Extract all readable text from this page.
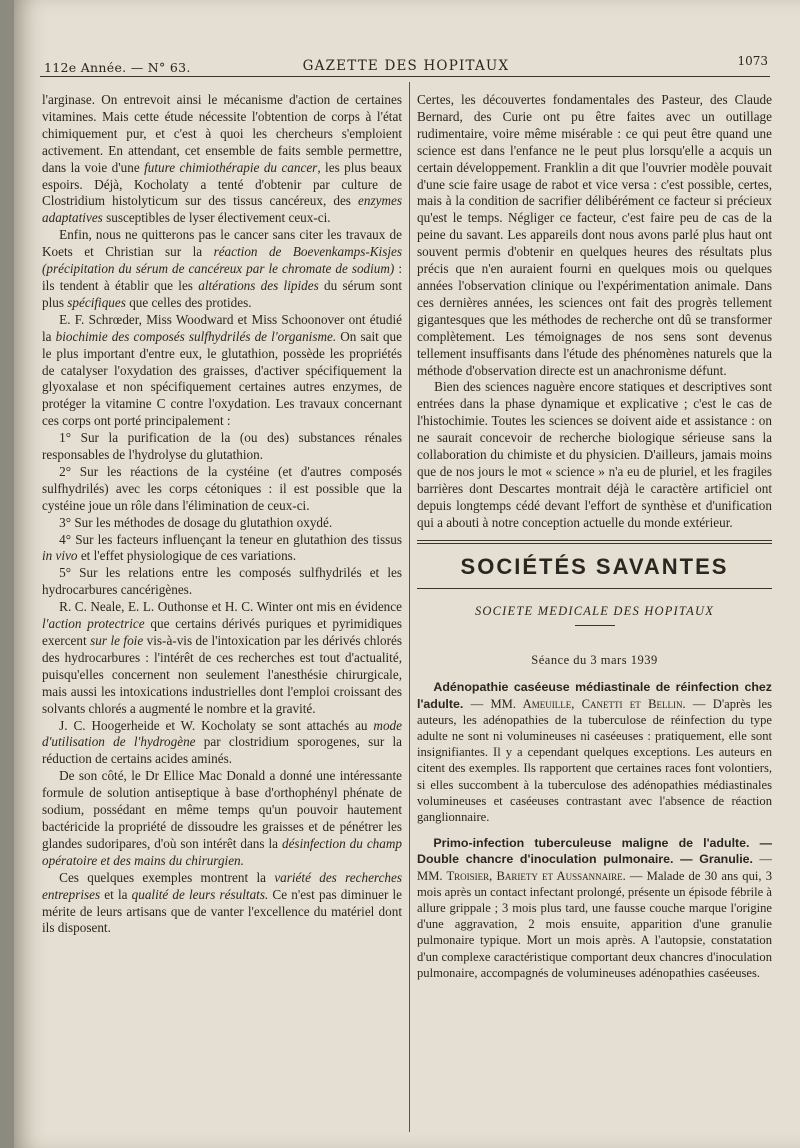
112e Année. — N° 63.	GAZETTE DES HOPITAUX	1073

l'arginase. On entrevoit ainsi le mécanisme d'action de certaines vitamines. Mais cette étude nécessite l'obtention de corps à l'état chimiquement pur, et c'est à quoi les chercheurs s'emploient activement. En attendant, cet ensemble de faits semble permettre, dans la voie d'une future chimiothérapie du cancer, les plus beaux espoirs. Déjà, Kocholaty a tenté d'obtenir par culture de Clostridium histolyticum sur des tissus cancéreux, des enzymes adaptatives susceptibles de lyser électivement ceux-ci.

Enfin, nous ne quitterons pas le cancer sans citer les travaux de Koets et Christian sur la réaction de Boevenkamps-Kisjes (précipitation du sérum de cancéreux par le chromate de sodium) : ils tendent à établir que les altérations des lipides du sérum sont plus spécifiques que celles des protides.

E. F. Schrœder, Miss Woodward et Miss Schoonover ont étudié la biochimie des composés sulfhydrilés de l'organisme. On sait que le plus important d'entre eux, le glutathion, possède les propriétés de catalyser l'oxydation des graisses, d'activer spécifiquement la glyoxalase et non spécifiquement certaines autres enzymes, de protéger la vitamine C contre l'oxydation. Les travaux concernant ces corps ont porté principalement :

1° Sur la purification de la (ou des) substances rénales responsables de l'hydrolyse du glutathion.

2° Sur les réactions de la cystéine (et d'autres composés sulfhydrilés) avec les corps cétoniques : il est possible que la cystéine joue un rôle dans l'élimination de ceux-ci.

3° Sur les méthodes de dosage du glutathion oxydé.

4° Sur les facteurs influençant la teneur en glutathion des tissus in vivo et l'effet physiologique de ces variations.

5° Sur les relations entre les composés sulfhydrilés et les hydrocarbures cancérigènes.

R. C. Neale, E. L. Outhonse et H. C. Winter ont mis en évidence l'action protectrice que certains dérivés puriques et pyrimidiques exercent sur le foie vis-à-vis de l'intoxication par les dérivés chlorés des hydrocarbures : l'intérêt de ces recherches est tout d'actualité, puisqu'elles concernent non seulement l'anesthésie chirurgicale, mais aussi les intoxications industrielles dont l'emploi croissant des solvants chlorés a augmenté le nombre et la gravité.

J. C. Hoogerheide et W. Kocholaty se sont attachés au mode d'utilisation de l'hydrogène par clostridium sporogenes, sur la réduction de certains acides aminés.

De son côté, le Dr Ellice Mac Donald a donné une intéressante formule de solution antiseptique à base d'orthophényl phénate de sodium, possédant en même temps qu'un pouvoir hautement bactéricide la propriété de dissoudre les graisses et de pénétrer les glandes sudoripares, d'où son intérêt dans la désinfection du champ opératoire et des mains du chirurgien.

Ces quelques exemples montrent la variété des recherches entreprises et la qualité de leurs résultats. Ce n'est pas diminuer le mérite de leurs artisans que de vanter l'excellence du matériel dont ils disposent.

Certes, les découvertes fondamentales des Pasteur, des Claude Bernard, des Curie ont pu être faites avec un outillage rudimentaire, voire même misérable : ce qui peut être quand une science est dans l'enfance ne le peut plus lorsqu'elle a acquis un certain développement. Franklin a dit que l'ouvrier modèle pouvait d'une scie faire usage de rabot et vice versa : c'est possible, certes, mais à la condition de sacrifier délibérément ce facteur si précieux qu'est le temps. Négliger ce facteur, c'est faire peu de cas de la peine du savant. Les appareils dont nous avons parlé plus haut ont souvent permis d'obtenir en quelques heures des résultats plus précis que n'en auraient fourni en quelques mois ou quelques années l'observation clinique ou l'expérimentation animale. Dans ces dernières années, les sciences ont fait des progrès tellement gigantesques que les méthodes de recherche ont dû se transformer complètement. Les témoignages de nos sens sont devenus tellement insuffisants dans l'étude des phénomènes naturels que la méthode d'observation directe est un anachronisme défunt.

Bien des sciences naguère encore statiques et descriptives sont entrées dans la phase dynamique et explicative ; c'est le cas de l'histochimie. Toutes les sciences se doivent aide et assistance : on ne saurait concevoir de recherche biologique sérieuse sans la collaboration du chimiste et du physicien. D'ailleurs, jamais moins que de nos jours le mot « science » n'a eu de pluriel, et les fragiles barrières dont Descartes montrait déjà le caractère artificiel ont depuis longtemps cédé devant l'effort de synthèse et d'unification qui a abouti à notre conception actuelle du monde extérieur.

SOCIÉTÉS SAVANTES
SOCIETE MEDICALE DES HOPITAUX
Séance du 3 mars 1939

Adénopathie caséeuse médiastinale de réinfection chez l'adulte. — MM. Ameuille, Canetti et Bellin. — D'après les auteurs, les adénopathies de la tuberculose de réinfection du type adulte ne sont ni volumineuses ni caséeuses : pratiquement, elle sont insignifiantes. Il y a cependant quelques exceptions. Les auteurs en citent des exemples. Ils rapportent que certaines races font volontiers, si elles succombent à la tuberculose des adénopathies médiastinales volumineuses et caséeuses contrastant avec l'absence de réaction ganglionnaire.

Primo-infection tuberculeuse maligne de l'adulte. — Double chancre d'inoculation pulmonaire. — Granulie. — MM. Troisier, Bariety et Aussannaire. — Malade de 30 ans qui, 3 mois après un contact infectant prolongé, présente un épisode fébrile à allure grippale ; 3 mois plus tard, une fausse couche marque l'origine d'une aggravation, 2 mois ensuite, apparition d'une granulie pulmonaire typique. Mort un mois après. A l'autopsie, constatation d'un complexe caractéristique comportant deux chancres d'inoculation pulmonaire, accompagnés de volumineuses adénopathies caséeuses.
